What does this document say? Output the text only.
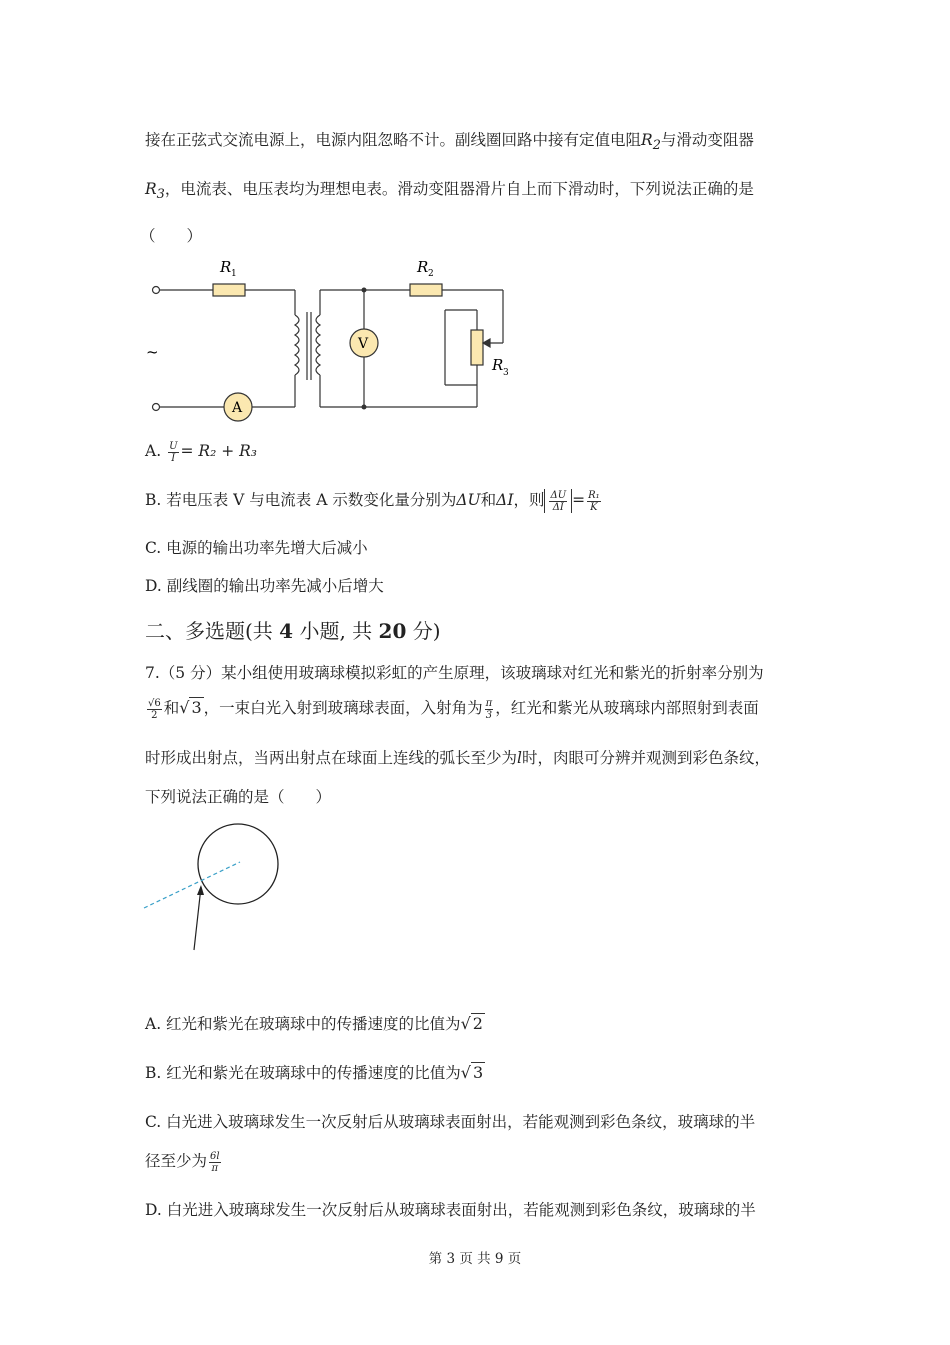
接在正弦式交流电源上，电源内阻忽略不计。副线圈回路中接有定值电阻$R_2$与滑动变阻器
$R_3$，电流表、电压表均为理想电表。滑动变阻器滑片自上而下滑动时，下列说法正确的是
（　　）
~
R 1	R 2
R 3
V
A
A. $\frac{U}{I} = R_2 + R_3$
B. 若电压表 V 与电流表 A 示数变化量分别为ΔU和ΔI，则 $\frac{\Delta U}{\Delta I} = \frac{\text{R₁}}{K}$
C. 电源的输出功率先增大后减小
D. 副线圈的输出功率先减小后增大
二、多选题(共 4 小题, 共 20 分)
7.（5 分）某小组使用玻璃球模拟彩虹的产生原理，该玻璃球对红光和紫光的折射率分别为
$\frac{√6}{2}$ 和√ 3 ，一束白光入射到玻璃球表面，入射角为 $\frac{\pi}{3}$ ，红光和紫光从玻璃球内部照射到表面
时形成出射点，当两出射点在球面上连线的弧长至少为l时，肉眼可分辨并观测到彩色条纹，
下列说法正确的是（　　）
A. 红光和紫光在玻璃球中的传播速度的比值为√ 2
B. 红光和紫光在玻璃球中的传播速度的比值为√ 3
C. 白光进入玻璃球发生一次反射后从玻璃球表面射出，若能观测到彩色条纹，玻璃球的半
径至少为 $\frac{6l}{\pi}$
D. 白光进入玻璃球发生一次反射后从玻璃球表面射出，若能观测到彩色条纹，玻璃球的半
第 3 页 共 9 页
